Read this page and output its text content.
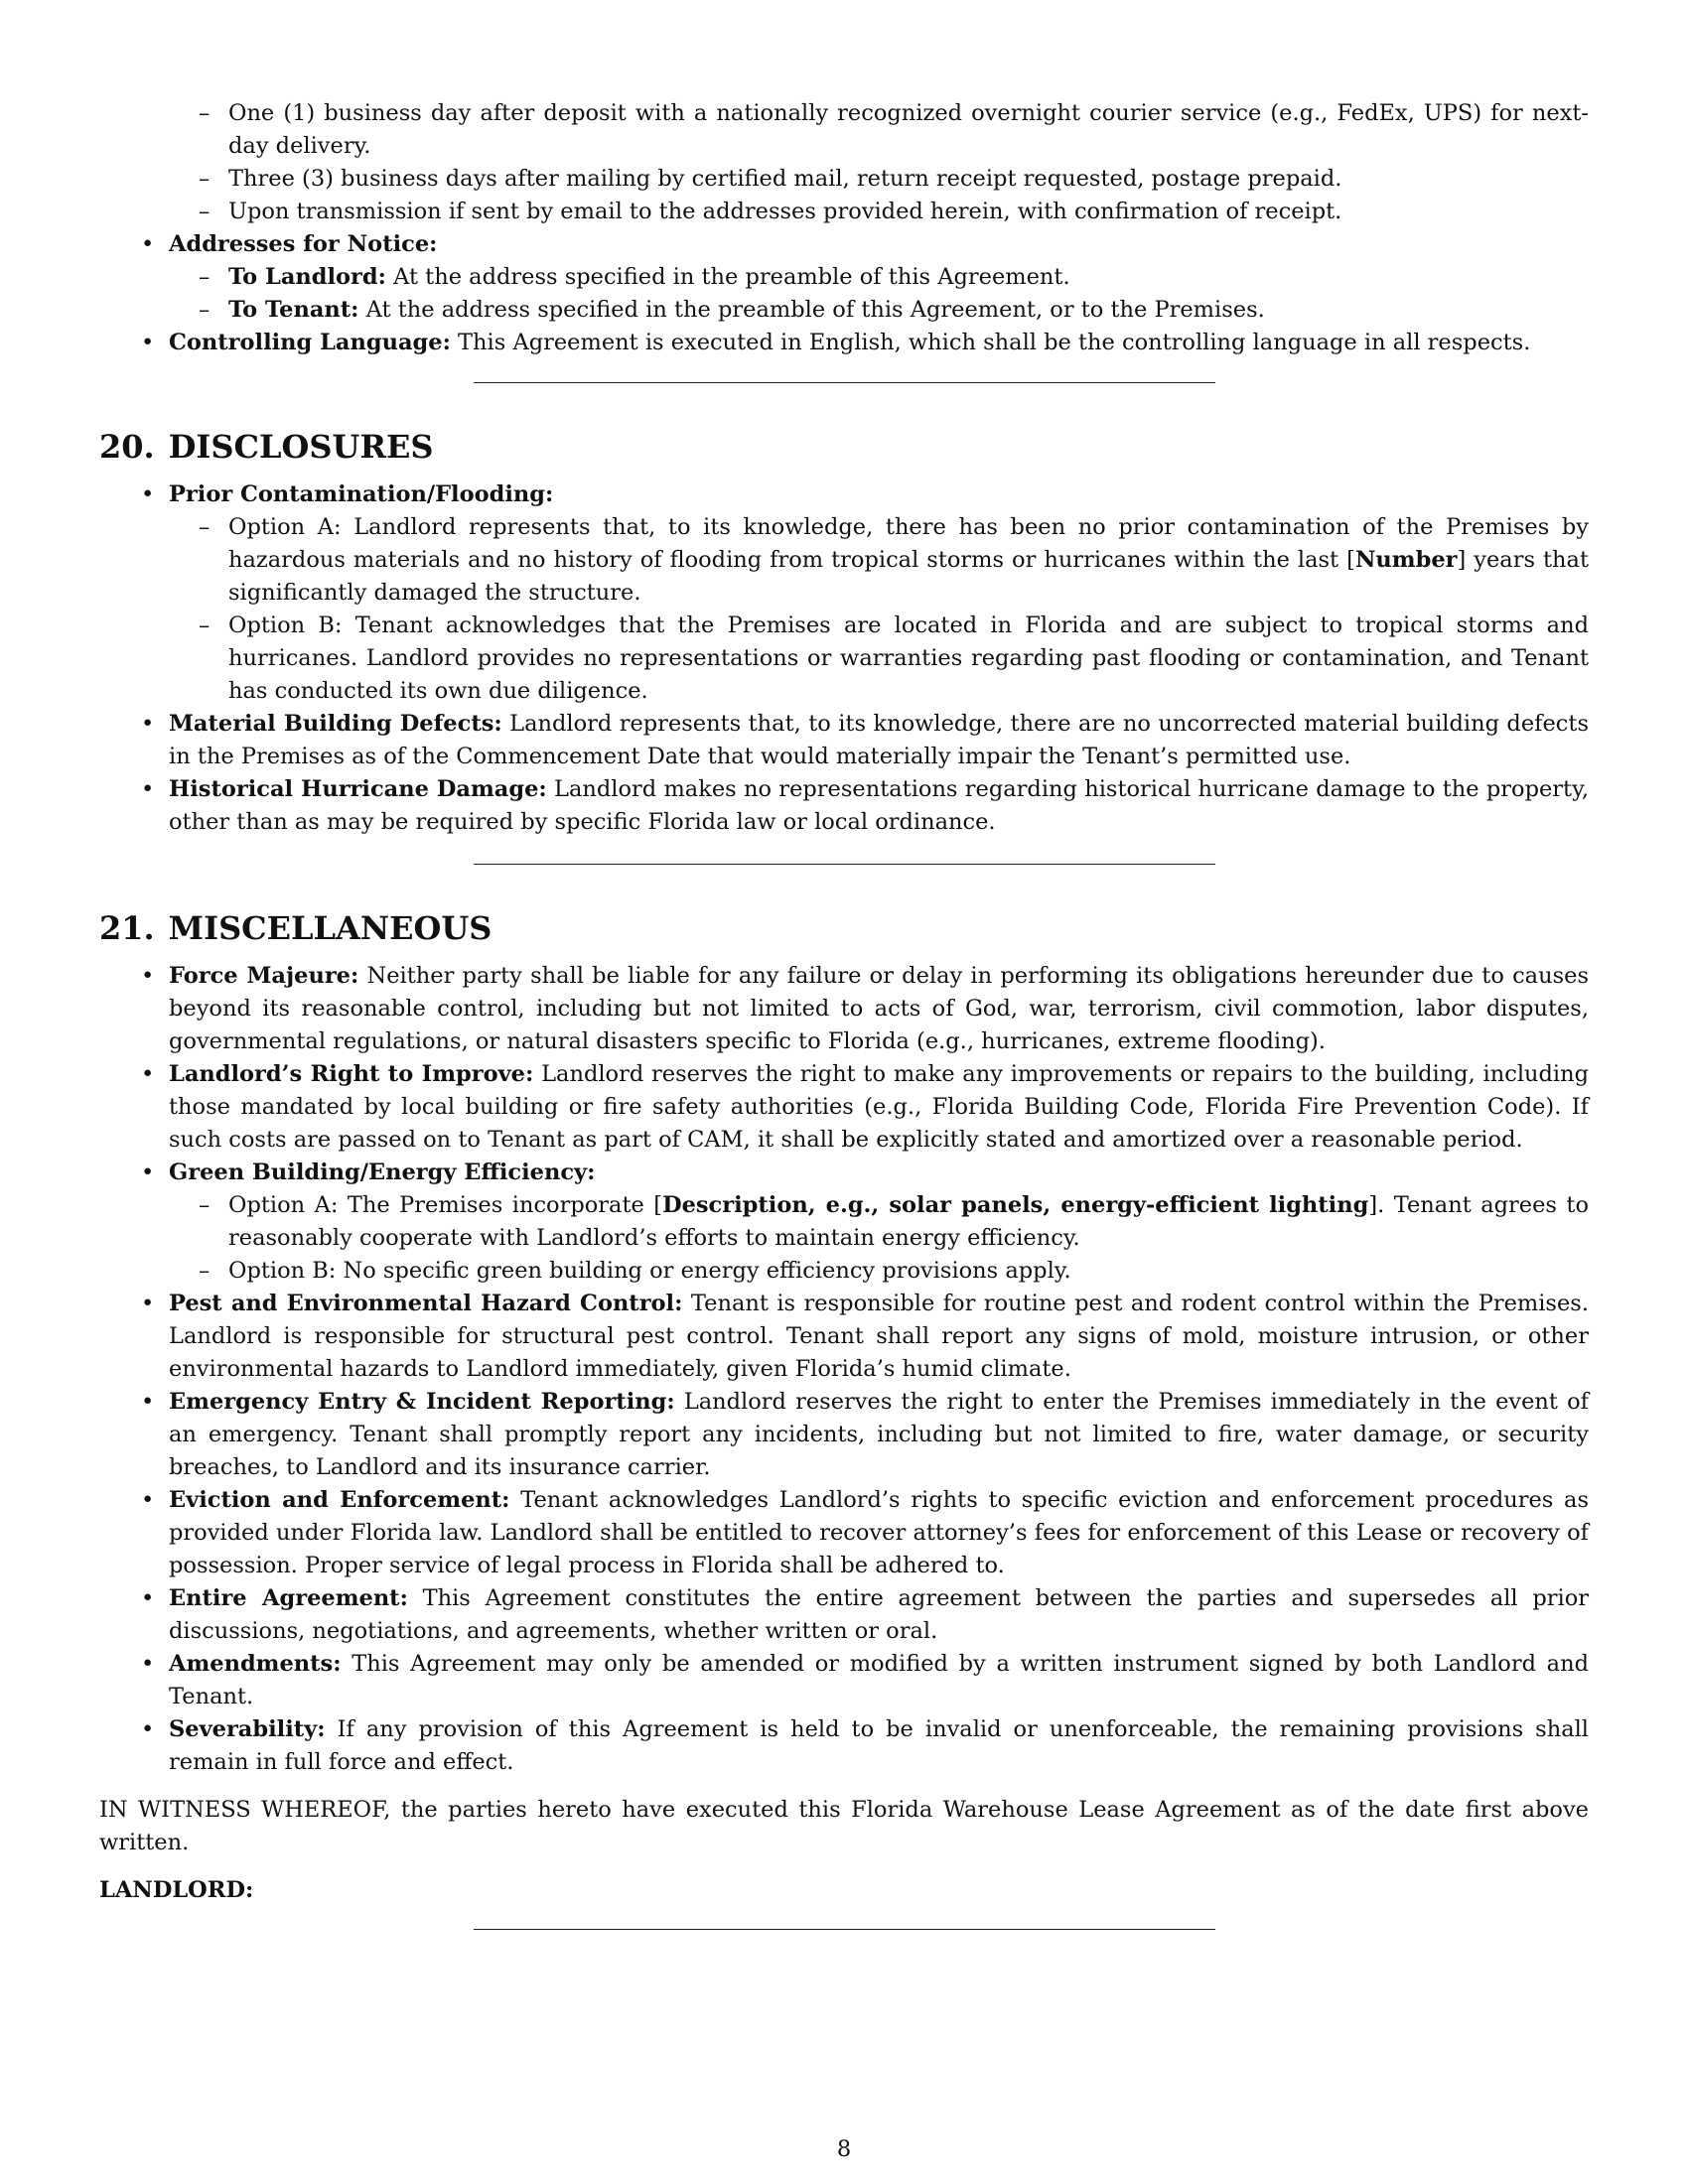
– One (1) business day after deposit with a nationally recognized overnight courier service (e.g., FedEx, UPS) for next-day delivery.
– Three (3) business days after mailing by certified mail, return receipt requested, postage prepaid.
– Upon transmission if sent by email to the addresses provided herein, with confirmation of receipt.
• Addresses for Notice:
– To Landlord: At the address specified in the preamble of this Agreement.
– To Tenant: At the address specified in the preamble of this Agreement, or to the Premises.
• Controlling Language: This Agreement is executed in English, which shall be the controlling language in all respects.
20. DISCLOSURES
• Prior Contamination/Flooding:
– Option A: Landlord represents that, to its knowledge, there has been no prior contamination of the Premises by hazardous materials and no history of flooding from tropical storms or hurricanes within the last [Number] years that significantly damaged the structure.
– Option B: Tenant acknowledges that the Premises are located in Florida and are subject to tropical storms and hurricanes. Landlord provides no representations or warranties regarding past flooding or contamination, and Tenant has conducted its own due diligence.
• Material Building Defects: Landlord represents that, to its knowledge, there are no uncorrected material building defects in the Premises as of the Commencement Date that would materially impair the Tenant’s permitted use.
• Historical Hurricane Damage: Landlord makes no representations regarding historical hurricane damage to the property, other than as may be required by specific Florida law or local ordinance.
21. MISCELLANEOUS
• Force Majeure: Neither party shall be liable for any failure or delay in performing its obligations hereunder due to causes beyond its reasonable control, including but not limited to acts of God, war, terrorism, civil commotion, labor disputes, governmental regulations, or natural disasters specific to Florida (e.g., hurricanes, extreme flooding).
• Landlord’s Right to Improve: Landlord reserves the right to make any improvements or repairs to the building, including those mandated by local building or fire safety authorities (e.g., Florida Building Code, Florida Fire Prevention Code). If such costs are passed on to Tenant as part of CAM, it shall be explicitly stated and amortized over a reasonable period.
• Green Building/Energy Efficiency:
– Option A: The Premises incorporate [Description, e.g., solar panels, energy-efficient lighting]. Tenant agrees to reasonably cooperate with Landlord’s efforts to maintain energy efficiency.
– Option B: No specific green building or energy efficiency provisions apply.
• Pest and Environmental Hazard Control: Tenant is responsible for routine pest and rodent control within the Premises. Landlord is responsible for structural pest control. Tenant shall report any signs of mold, moisture intrusion, or other environmental hazards to Landlord immediately, given Florida’s humid climate.
• Emergency Entry & Incident Reporting: Landlord reserves the right to enter the Premises immediately in the event of an emergency. Tenant shall promptly report any incidents, including but not limited to fire, water damage, or security breaches, to Landlord and its insurance carrier.
• Eviction and Enforcement: Tenant acknowledges Landlord’s rights to specific eviction and enforcement procedures as provided under Florida law. Landlord shall be entitled to recover attorney’s fees for enforcement of this Lease or recovery of possession. Proper service of legal process in Florida shall be adhered to.
• Entire Agreement: This Agreement constitutes the entire agreement between the parties and supersedes all prior discussions, negotiations, and agreements, whether written or oral.
• Amendments: This Agreement may only be amended or modified by a written instrument signed by both Landlord and Tenant.
• Severability: If any provision of this Agreement is held to be invalid or unenforceable, the remaining provisions shall remain in full force and effect.

IN WITNESS WHEREOF, the parties hereto have executed this Florida Warehouse Lease Agreement as of the date first above written.

LANDLORD:

8
